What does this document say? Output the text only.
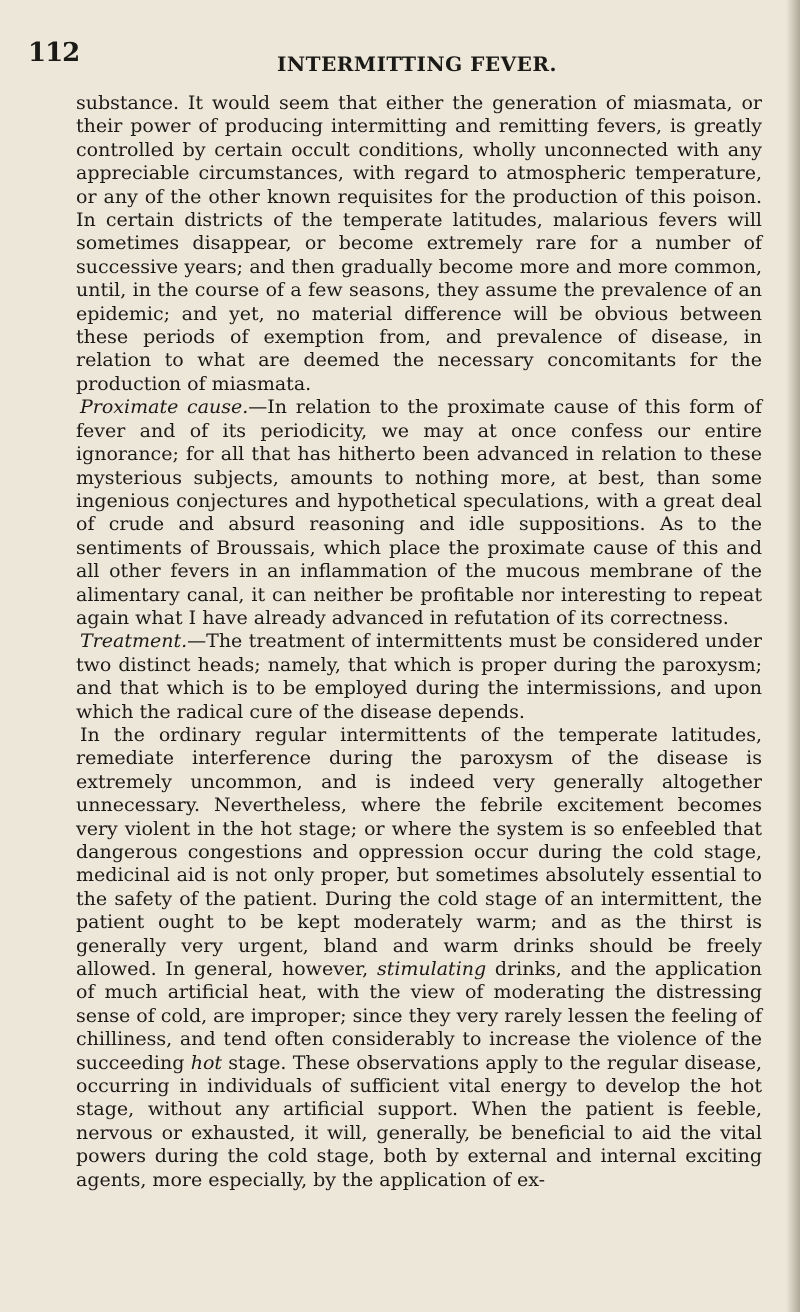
112	INTERMITTING FEVER.

substance. It would seem that either the generation of miasmata, or their power of producing intermitting and remitting fevers, is greatly controlled by certain occult conditions, wholly unconnected with any appreciable circumstances, with regard to atmospheric temperature, or any of the other known requisites for the production of this poison. In certain districts of the temperate latitudes, malarious fevers will sometimes disappear, or become extremely rare for a number of successive years; and then gradually become more and more common, until, in the course of a few seasons, they assume the prevalence of an epidemic; and yet, no material difference will be obvious between these periods of exemption from, and prevalence of disease, in relation to what are deemed the necessary concomitants for the production of miasmata.

Proximate cause.—In relation to the proximate cause of this form of fever and of its periodicity, we may at once confess our entire ignorance; for all that has hitherto been advanced in relation to these mysterious subjects, amounts to nothing more, at best, than some ingenious conjectures and hypothetical speculations, with a great deal of crude and absurd reasoning and idle suppositions. As to the sentiments of Broussais, which place the proximate cause of this and all other fevers in an inflammation of the mucous membrane of the alimentary canal, it can neither be profitable nor interesting to repeat again what I have already advanced in refutation of its correctness.

Treatment.—The treatment of intermittents must be considered under two distinct heads; namely, that which is proper during the paroxysm; and that which is to be employed during the intermissions, and upon which the radical cure of the disease depends.

In the ordinary regular intermittents of the temperate latitudes, remediate interference during the paroxysm of the disease is extremely uncommon, and is indeed very generally altogether unnecessary. Nevertheless, where the febrile excitement becomes very violent in the hot stage; or where the system is so enfeebled that dangerous congestions and oppression occur during the cold stage, medicinal aid is not only proper, but sometimes absolutely essential to the safety of the patient. During the cold stage of an intermittent, the patient ought to be kept moderately warm; and as the thirst is generally very urgent, bland and warm drinks should be freely allowed. In general, however, stimulating drinks, and the application of much artificial heat, with the view of moderating the distressing sense of cold, are improper; since they very rarely lessen the feeling of chilliness, and tend often considerably to increase the violence of the succeeding hot stage. These observations apply to the regular disease, occurring in individuals of sufficient vital energy to develop the hot stage, without any artificial support. When the patient is feeble, nervous or exhausted, it will, generally, be beneficial to aid the vital powers during the cold stage, both by external and internal exciting agents, more especially, by the application of ex-
